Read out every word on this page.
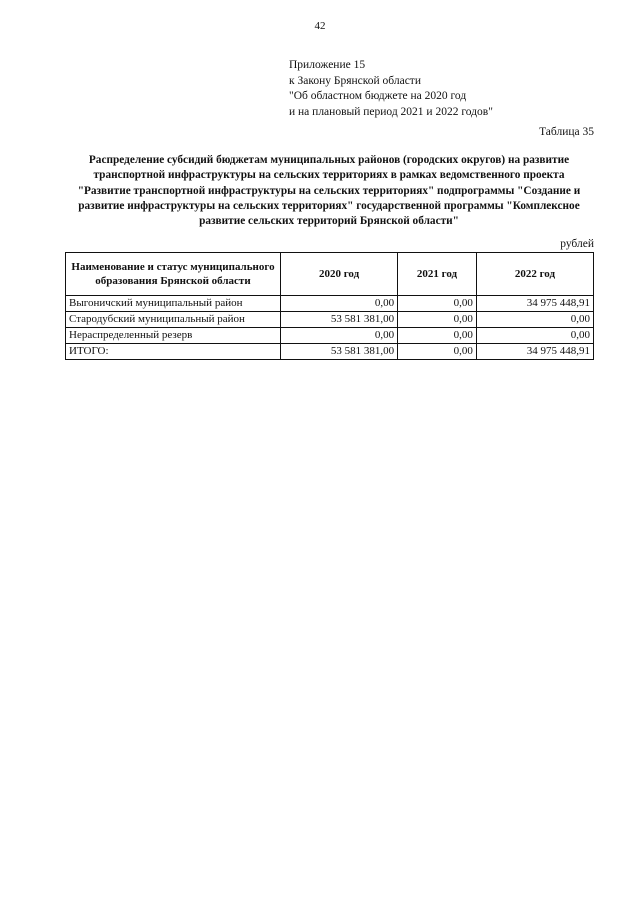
42
Приложение 15
к Закону Брянской области
"Об областном бюджете на 2020 год
и на плановый период 2021 и 2022 годов"
Таблица 35
Распределение субсидий бюджетам муниципальных районов (городских округов) на развитие
транспортной инфраструктуры на сельских территориях в рамках ведомственного проекта
"Развитие транспортной инфраструктуры на сельских территориях" подпрограммы "Создание и
развитие инфраструктуры на сельских территориях" государственной программы "Комплексное
развитие сельских территорий Брянской области"
рублей
Наименование и статус муниципального образования Брянской области	2020 год	2021 год	2022 год
Выгоничский муниципальный район	0,00	0,00	34 975 448,91
Стародубский муниципальный район	53 581 381,00	0,00	0,00
Нераспределенный резерв	0,00	0,00	0,00
ИТОГО:	53 581 381,00	0,00	34 975 448,91
